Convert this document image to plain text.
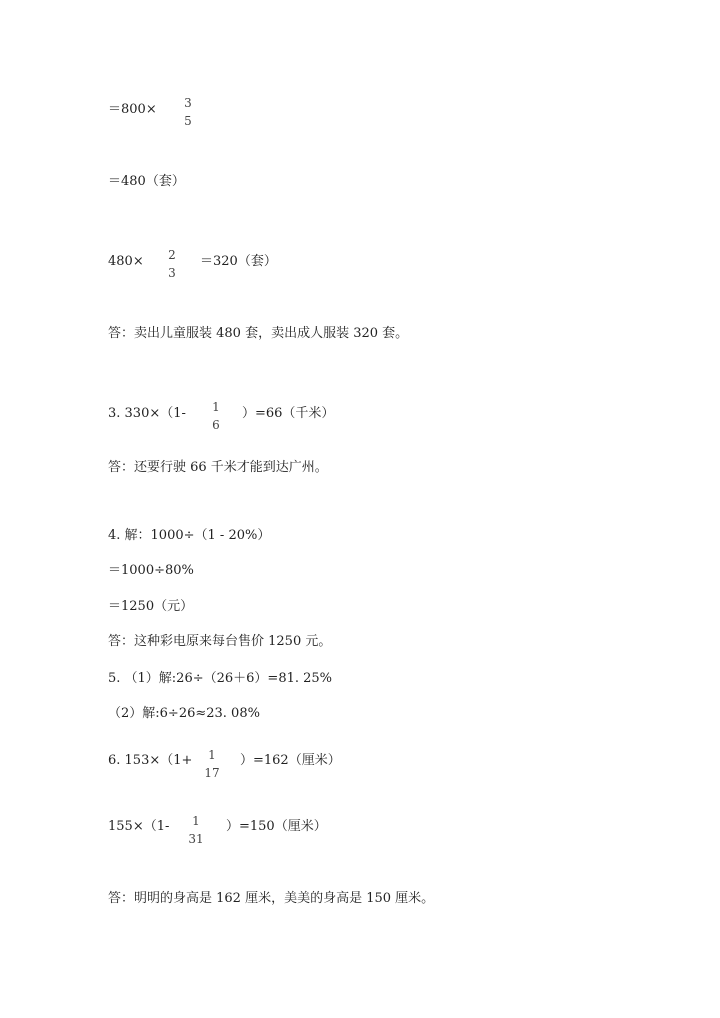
＝800×	3
5
＝480（套）
480×	2
3
＝320（套）
答：卖出儿童服装 480 套，卖出成人服装 320 套。
3. 330×（1-	1
6
）=66（千米）
答：还要行驶 66 千米才能到达广州。
4. 解：1000÷（1 - 20%）
＝1000÷80%
＝1250（元）
答：这种彩电原来每台售价 1250 元。
5. （1）解:26÷（26＋6）=81. 25%
（2）解:6÷26≈23. 08%
6. 153×（1+	1
17
）=162（厘米）
155×（1-	1
31
）=150（厘米）
答：明明的身高是 162 厘米，美美的身高是 150 厘米。
